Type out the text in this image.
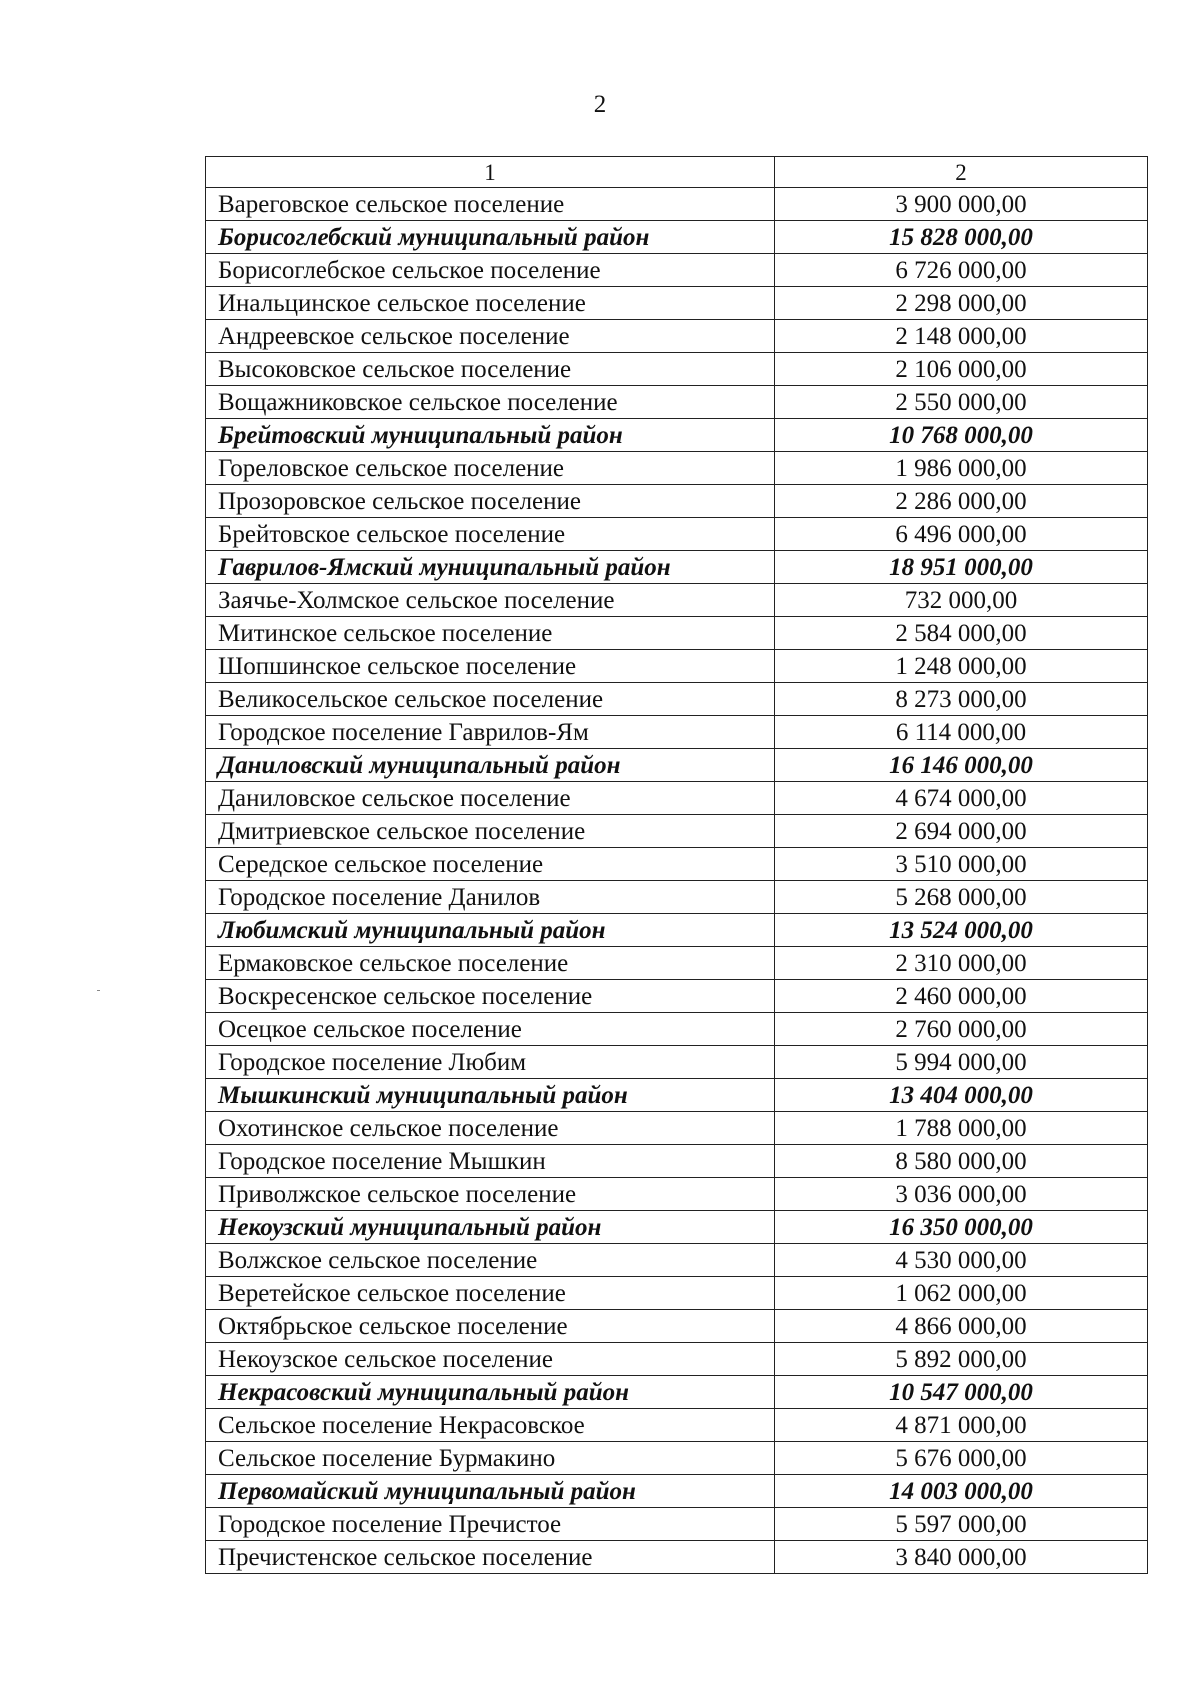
2
1	2
Вареговское сельское поселение	3 900 000,00
Борисоглебский муниципальный район	15 828 000,00
Борисоглебское сельское поселение	6 726 000,00
Инальцинское сельское поселение	2 298 000,00
Андреевское сельское поселение	2 148 000,00
Высоковское сельское поселение	2 106 000,00
Вощажниковское сельское поселение	2 550 000,00
Брейтовский муниципальный район	10 768 000,00
Гореловское сельское поселение	1 986 000,00
Прозоровское сельское поселение	2 286 000,00
Брейтовское сельское поселение	6 496 000,00
Гаврилов-Ямский муниципальный район	18 951 000,00
Заячье-Холмское сельское поселение	732 000,00
Митинское сельское поселение	2 584 000,00
Шопшинское сельское поселение	1 248 000,00
Великосельское сельское поселение	8 273 000,00
Городское поселение Гаврилов-Ям	6 114 000,00
Даниловский муниципальный район	16 146 000,00
Даниловское сельское поселение	4 674 000,00
Дмитриевское сельское поселение	2 694 000,00
Середское сельское поселение	3 510 000,00
Городское поселение Данилов	5 268 000,00
Любимский муниципальный район	13 524 000,00
Ермаковское сельское поселение	2 310 000,00
Воскресенское сельское поселение	2 460 000,00
Осецкое сельское поселение	2 760 000,00
Городское поселение Любим	5 994 000,00
Мышкинский муниципальный район	13 404 000,00
Охотинское сельское поселение	1 788 000,00
Городское поселение Мышкин	8 580 000,00
Приволжское сельское поселение	3 036 000,00
Некоузский муниципальный район	16 350 000,00
Волжское сельское поселение	4 530 000,00
Веретейское сельское поселение	1 062 000,00
Октябрьское сельское поселение	4 866 000,00
Некоузское сельское поселение	5 892 000,00
Некрасовский муниципальный район	10 547 000,00
Сельское поселение Некрасовское	4 871 000,00
Сельское поселение Бурмакино	5 676 000,00
Первомайский муниципальный район	14 003 000,00
Городское поселение Пречистое	5 597 000,00
Пречистенское сельское поселение	3 840 000,00
